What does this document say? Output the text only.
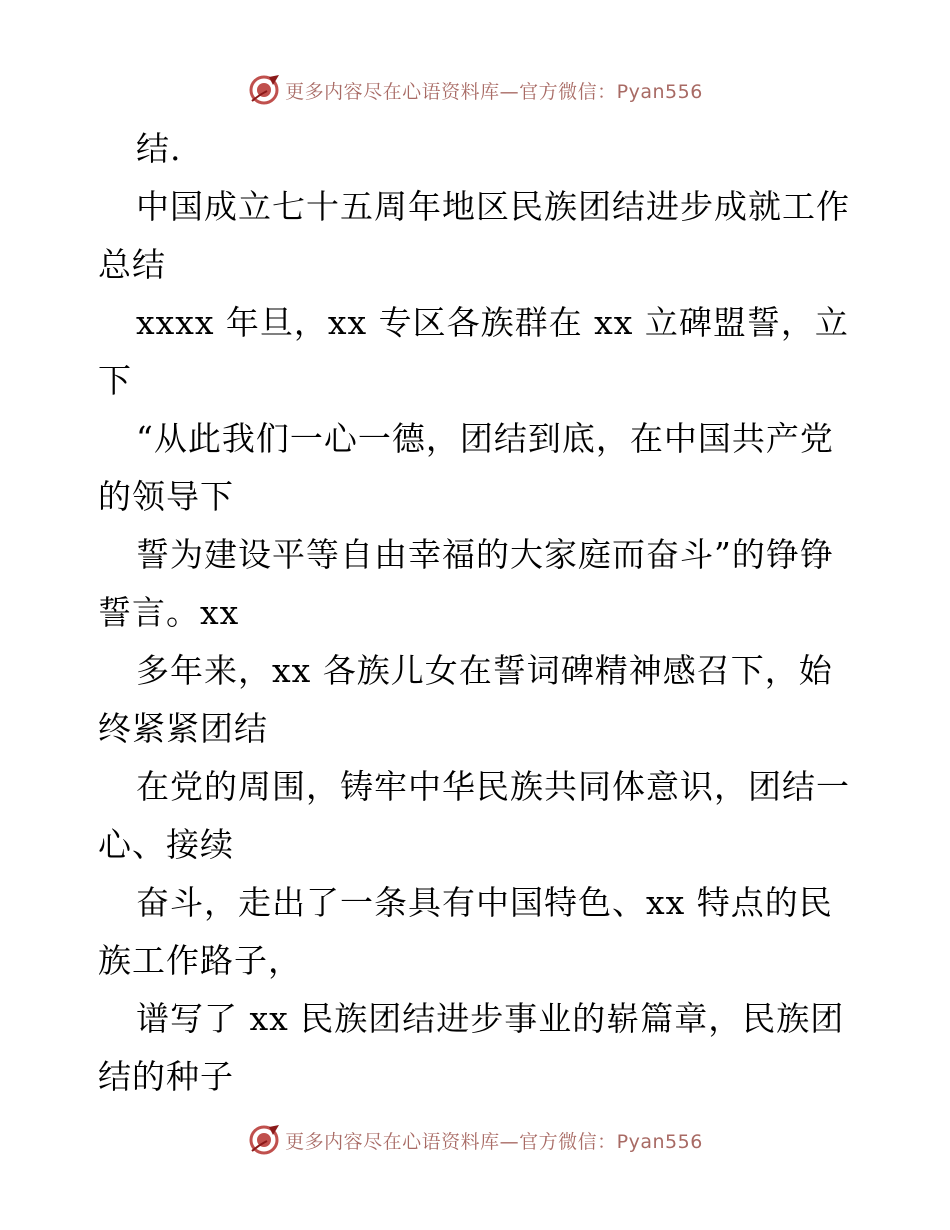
更多内容尽在心语资料库—官方微信：Pyan556
结.
中国成立七十五周年地区民族团结进步成就工作
总结
xxxx 年旦，xx 专区各族群在 xx 立碑盟誓，立
下
“从此我们一心一德，团结到底，在中国共产党
的领导下
誓为建设平等自由幸福的大家庭而奋斗”的铮铮
誓言。xx
多年来，xx 各族儿女在誓词碑精神感召下，始
终紧紧团结
在党的周围，铸牢中华民族共同体意识，团结一
心、接续
奋斗，走出了一条具有中国特色、xx 特点的民
族工作路子，
谱写了 xx 民族团结进步事业的崭篇章，民族团
结的种子
更多内容尽在心语资料库—官方微信：Pyan556
